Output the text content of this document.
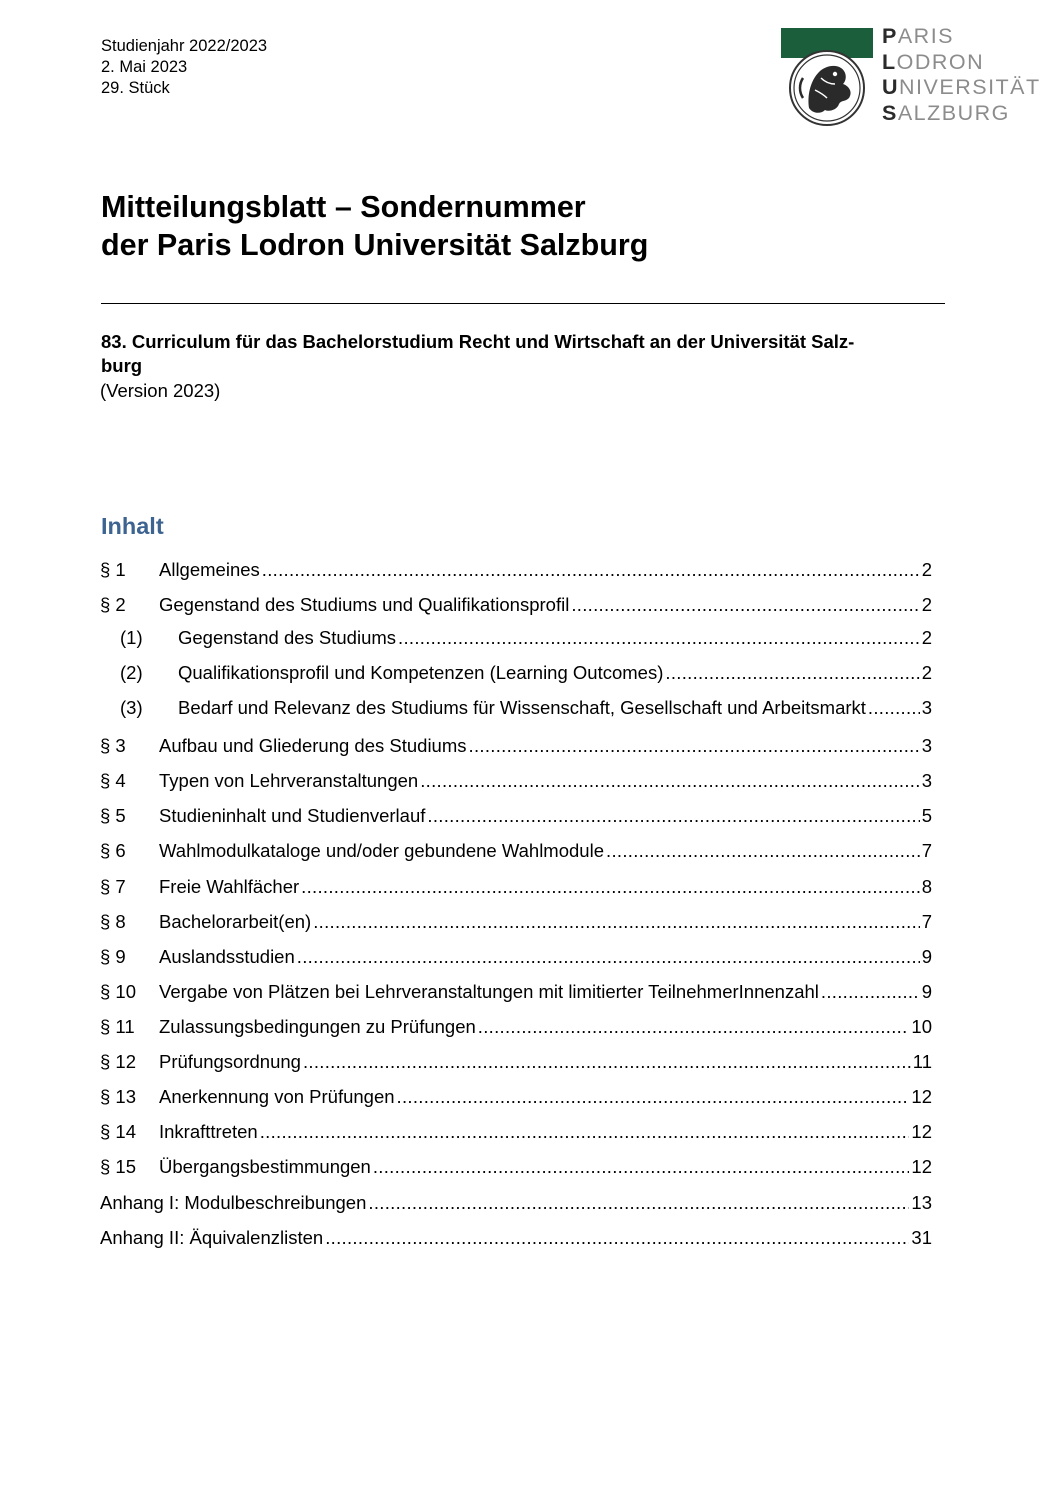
Studienjahr 2022/2023
2. Mai 2023
29. Stück
PARIS
LODRON
UNIVERSITÄT
SALZBURG
Mitteilungsblatt – Sondernummer
der Paris Lodron Universität Salzburg
83. Curriculum für das Bachelorstudium Recht und Wirtschaft an der Universität Salz-
burg
(Version 2023)
Inhalt
§ 1	Allgemeines .....	2
§ 2	Gegenstand des Studiums und Qualifikationsprofil .....	2
(1)	Gegenstand des Studiums .....	2
(2)	Qualifikationsprofil und Kompetenzen (Learning Outcomes) .....	2
(3)	Bedarf und Relevanz des Studiums für Wissenschaft, Gesellschaft und Arbeitsmarkt .....	3
§ 3	Aufbau und Gliederung des Studiums .....	3
§ 4	Typen von Lehrveranstaltungen .....	3
§ 5	Studieninhalt und Studienverlauf .....	5
§ 6	Wahlmodulkataloge und/oder gebundene Wahlmodule .....	7
§ 7	Freie Wahlfächer .....	8
§ 8	Bachelorarbeit(en) .....	7
§ 9	Auslandsstudien .....	9
§ 10	Vergabe von Plätzen bei Lehrveranstaltungen mit limitierter TeilnehmerInnenzahl .....	9
§ 11	Zulassungsbedingungen zu Prüfungen .....	10
§ 12	Prüfungsordnung .....	11
§ 13	Anerkennung von Prüfungen .....	12
§ 14	Inkrafttreten .....	12
§ 15	Übergangsbestimmungen .....	12
Anhang I: Modulbeschreibungen .....	13
Anhang II: Äquivalenzlisten .....	31
